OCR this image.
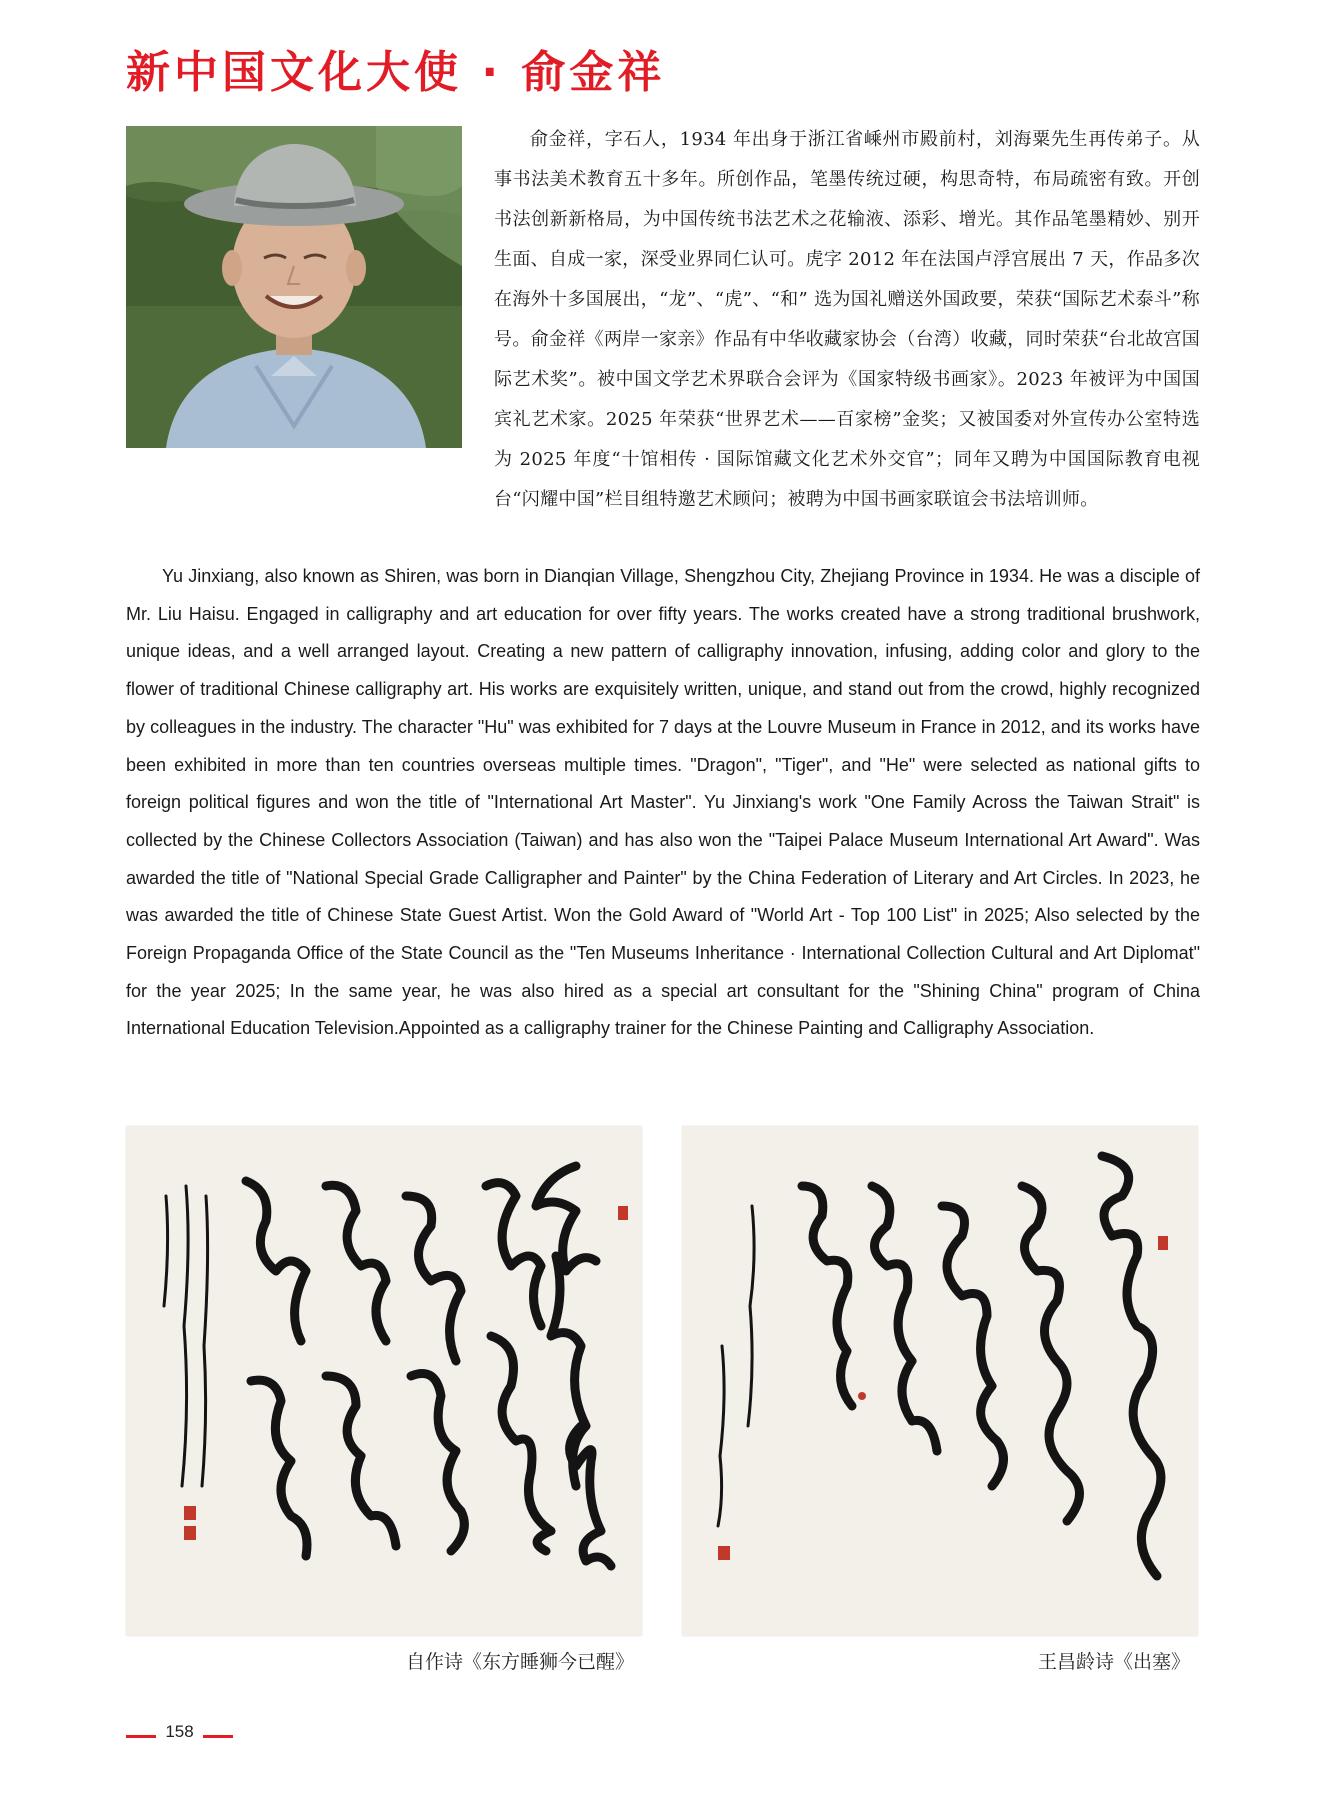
新中国文化大使 · 俞金祥
俞金祥，字石人，1934 年出身于浙江省嵊州市殿前村，刘海粟先生再传弟子。从事书法美术教育五十多年。所创作品，笔墨传统过硬，构思奇特，布局疏密有致。开创书法创新新格局，为中国传统书法艺术之花输液、添彩、增光。其作品笔墨精妙、别开生面、自成一家，深受业界同仁认可。虎字 2012 年在法国卢浮宫展出 7 天，作品多次在海外十多国展出，“龙”、“虎”、“和” 选为国礼赠送外国政要，荣获“国际艺术泰斗”称号。俞金祥《两岸一家亲》作品有中华收藏家协会（台湾）收藏，同时荣获“台北故宫国际艺术奖”。被中国文学艺术界联合会评为《国家特级书画家》。2023 年被评为中国国宾礼艺术家。2025 年荣获“世界艺术——百家榜”金奖；又被国委对外宣传办公室特选为 2025 年度“十馆相传 · 国际馆藏文化艺术外交官”；同年又聘为中国国际教育电视台“闪耀中国”栏目组特邀艺术顾问；被聘为中国书画家联谊会书法培训师。
Yu Jinxiang, also known as Shiren, was born in Dianqian Village, Shengzhou City, Zhejiang Province in 1934. He was a disciple of Mr. Liu Haisu. Engaged in calligraphy and art education for over fifty years. The works created have a strong traditional brushwork, unique ideas, and a well arranged layout. Creating a new pattern of calligraphy innovation, infusing, adding color and glory to the flower of traditional Chinese calligraphy art. His works are exquisitely written, unique, and stand out from the crowd, highly recognized by colleagues in the industry. The character "Hu" was exhibited for 7 days at the Louvre Museum in France in 2012, and its works have been exhibited in more than ten countries overseas multiple times. "Dragon", "Tiger", and "He" were selected as national gifts to foreign political figures and won the title of "International Art Master". Yu Jinxiang's work "One Family Across the Taiwan Strait" is collected by the Chinese Collectors Association (Taiwan) and has also won the "Taipei Palace Museum International Art Award". Was awarded the title of "National Special Grade Calligrapher and Painter" by the China Federation of Literary and Art Circles. In 2023, he was awarded the title of Chinese State Guest Artist. Won the Gold Award of "World Art - Top 100 List" in 2025; Also selected by the Foreign Propaganda Office of the State Council as the "Ten Museums Inheritance · International Collection Cultural and Art Diplomat" for the year 2025; In the same year, he was also hired as a special art consultant for the "Shining China" program of China International Education Television.Appointed as a calligraphy trainer for the Chinese Painting and Calligraphy Association.
自作诗《东方睡狮今已醒》	王昌龄诗《出塞》
158
